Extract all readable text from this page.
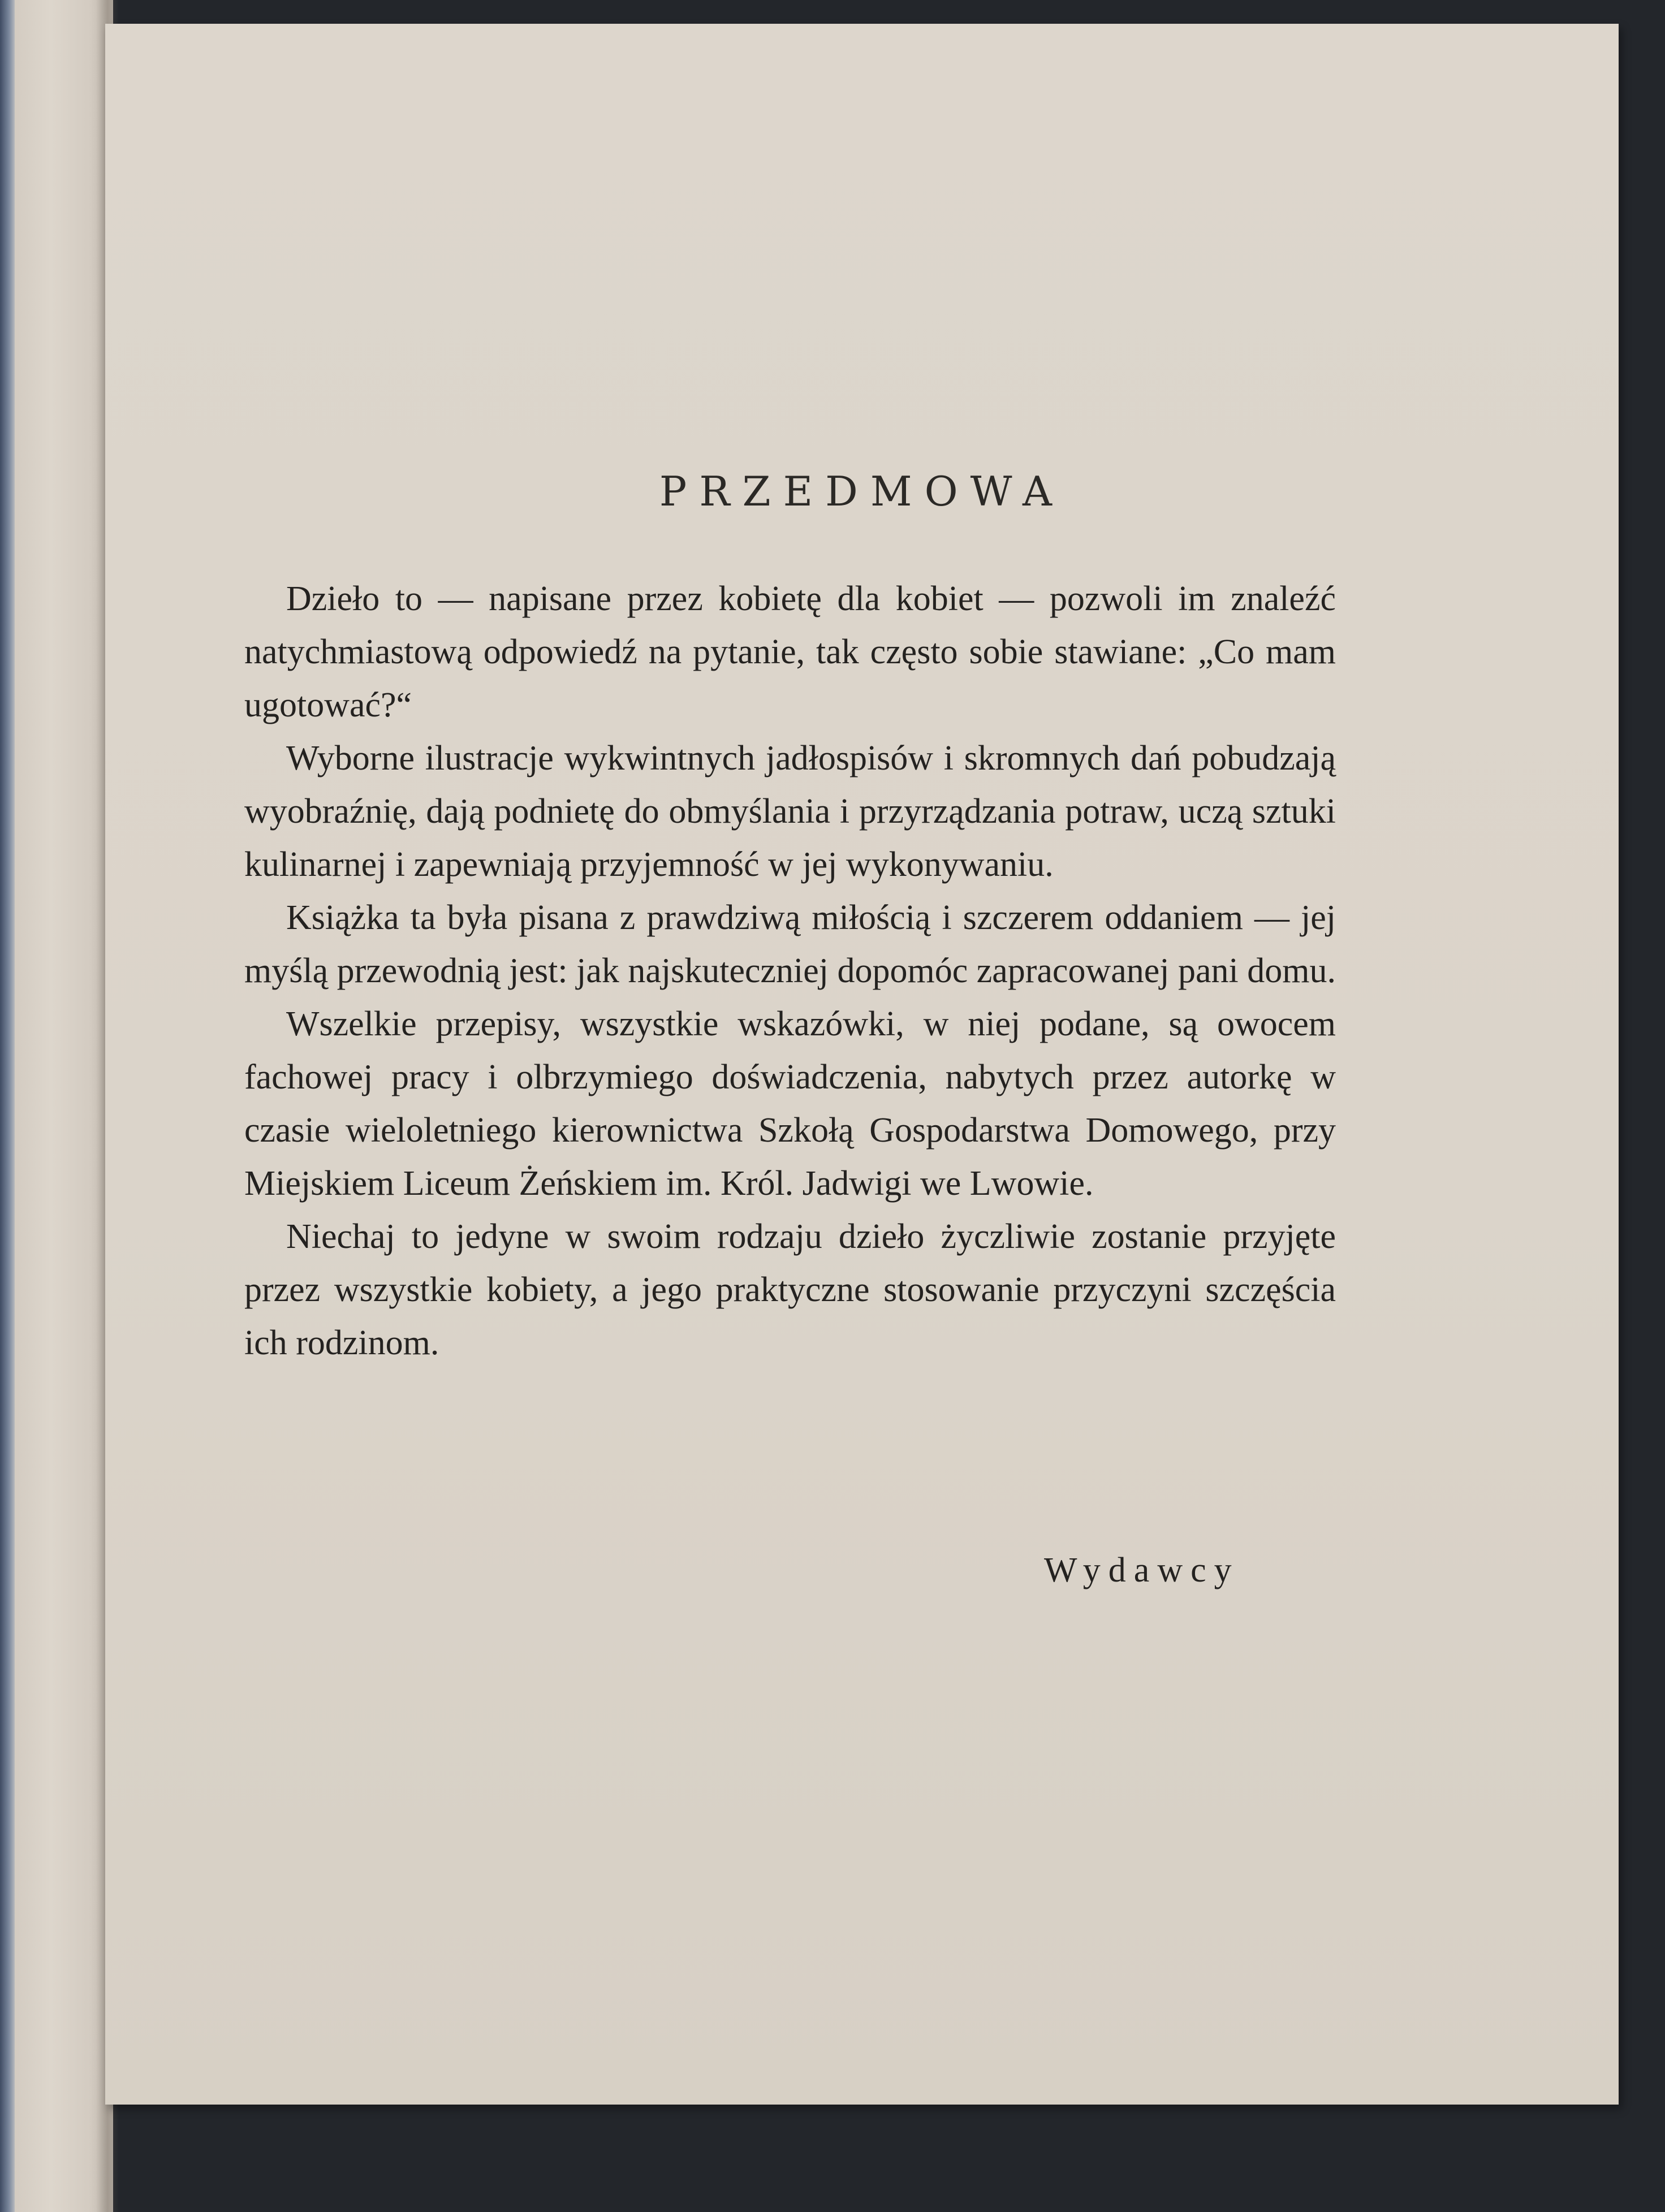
PRZEDMOWA

Dzieło to — napisane przez kobietę dla kobiet — pozwoli im znaleźć natychmiastową odpowiedź na pytanie, tak często sobie stawiane: „Co mam ugotować?“

Wyborne ilustracje wykwintnych jadłospisów i skromnych dań pobudzają wyobraźnię, dają podnietę do obmyślania i przyrządzania potraw, uczą sztuki kulinarnej i zapewniają przyjemność w jej wykonywaniu.

Książka ta była pisana z prawdziwą miłością i szczerem oddaniem — jej myślą przewodnią jest: jak najskuteczniej dopomóc zapracowanej pani domu.

Wszelkie przepisy, wszystkie wskazówki, w niej podane, są owocem fachowej pracy i olbrzymiego doświadczenia, nabytych przez autorkę w czasie wieloletniego kierownictwa Szkołą Gospodarstwa Domowego, przy Miejskiem Liceum Żeńskiem im. Król. Jadwigi we Lwowie.

Niechaj to jedyne w swoim rodzaju dzieło życzliwie zostanie przyjęte przez wszystkie kobiety, a jego praktyczne stosowanie przyczyni szczęścia ich rodzinom.

Wydawcy
